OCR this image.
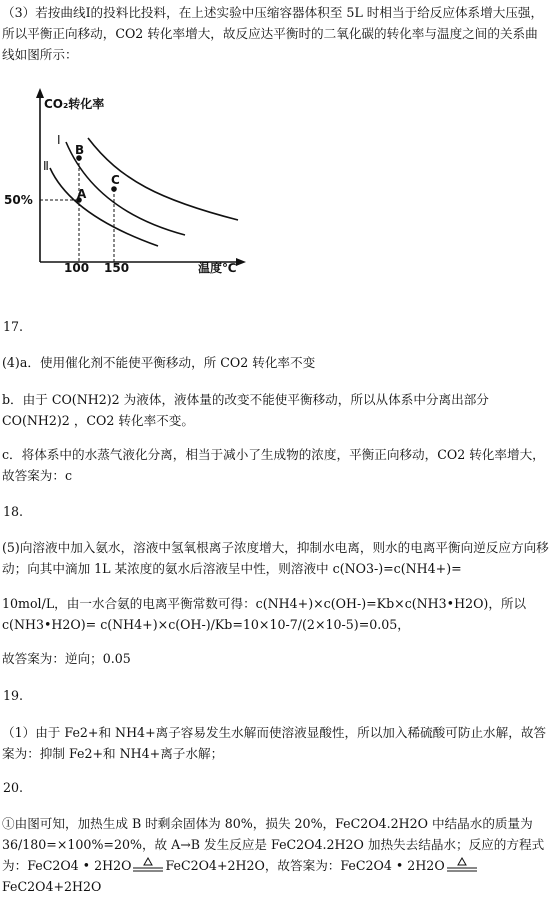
（3）若按曲线Ⅰ的投料比投料，在上述实验中压缩容器体积至 5L 时相当于给反应体系增大压强，所以平衡正向移动，CO2 转化率增大，故反应达平衡时的二氧化碳的转化率与温度之间的关系曲线如图所示：

CO₂转化率
温度℃
50%
100 150
Ⅰ
Ⅱ
A
B
C
17.

(4)a．使用催化剂不能使平衡移动，所 CO2 转化率不变

b．由于 CO(NH2)2 为液体，液体量的改变不能使平衡移动，所以从体系中分离出部分 CO(NH2)2 ，CO2 转化率不变。

c．将体系中的水蒸气液化分离，相当于减小了生成物的浓度，平衡正向移动，CO2 转化率增大，故答案为：c

18.

(5)向溶液中加入氨水，溶液中氢氧根离子浓度增大，抑制水电离，则水的电离平衡向逆反应方向移动；向其中滴加 1L 某浓度的氨水后溶液呈中性，则溶液中 c(NO3-)=c(NH4+)=

10mol/L，由一水合氨的电离平衡常数可得：c(NH4+)×c(OH-)=Kb×c(NH3•H2O)，所以 c(NH3•H2O)= c(NH4+)×c(OH-)/Kb=10×10-7/(2×10-5)=0.05，

故答案为：逆向；0.05

19.

（1）由于 Fe2+和 NH4+离子容易发生水解而使溶液显酸性，所以加入稀硫酸可防止水解，故答案为：抑制 Fe2+和 NH4+离子水解；

20.

①由图可知，加热生成 B 时剩余固体为 80%，损失 20%，FeC2O4.2H2O 中结晶水的质量为 36/180=×100%=20%，故 A→B 发生反应是 FeC2O4.2H2O 加热失去结晶水；反应的方程式

为：FeC2O4 • 2H2O	FeC2O4+2H2O，故答案为：FeC2O4 • 2H2O
FeC2O4+2H2O
